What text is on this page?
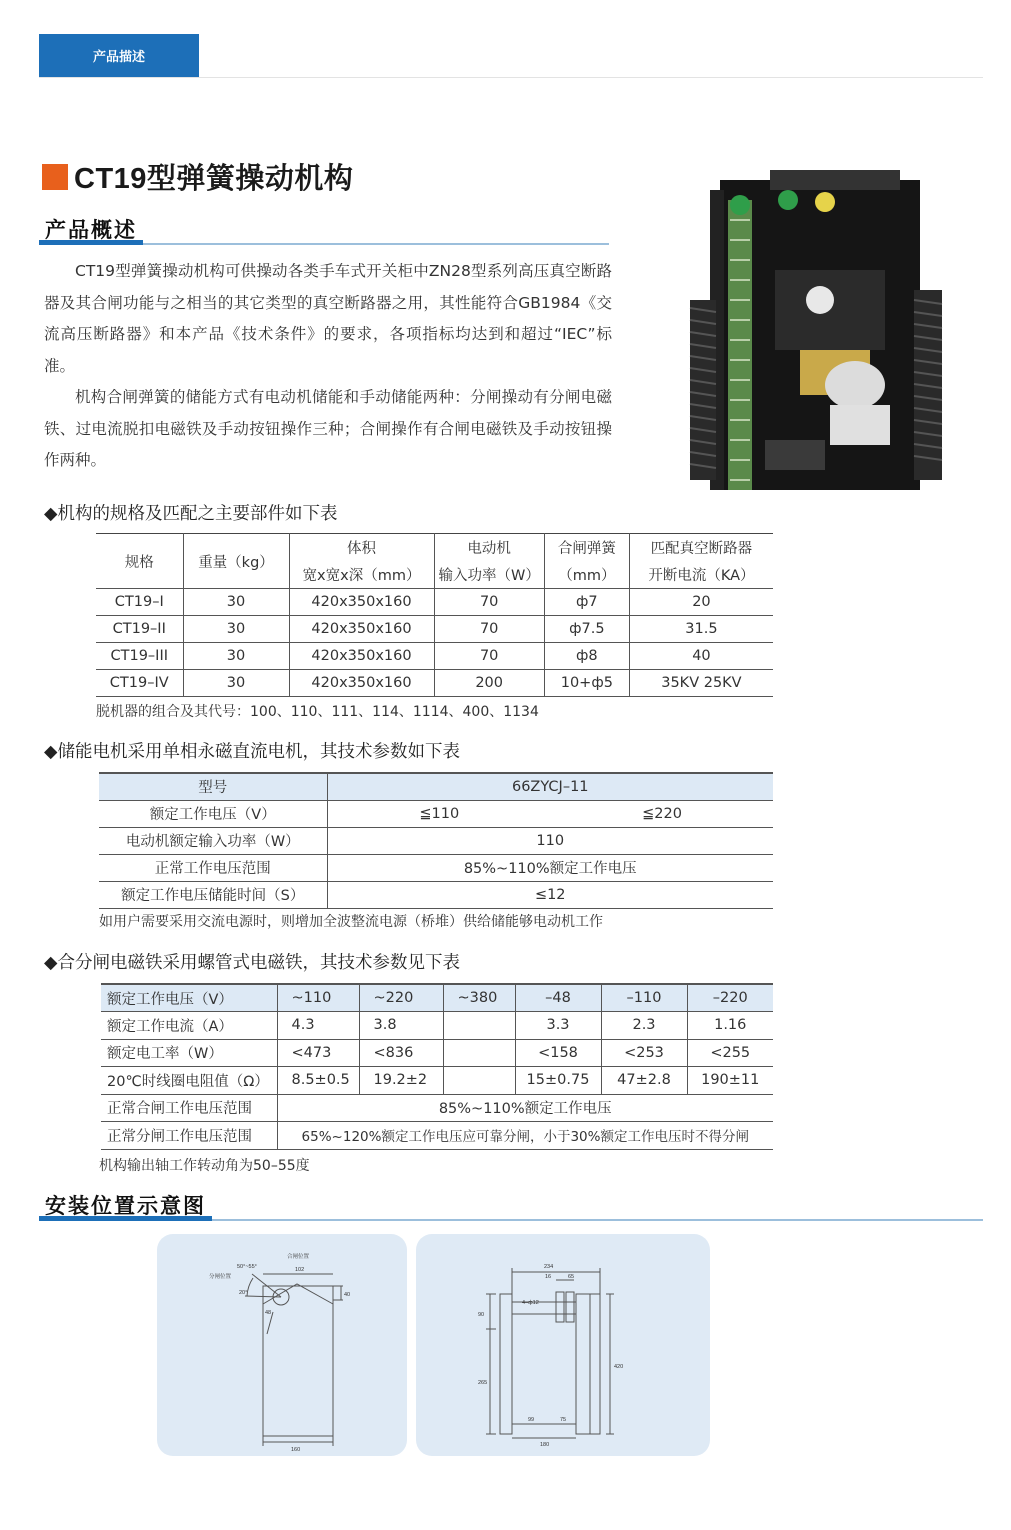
产品描述
CT19型弹簧操动机构
产品概述

CT19型弹簧操动机构可供操动各类手车式开关柜中ZN28型系列高压真空断路器及其合闸功能与之相当的其它类型的真空断路器之用，其性能符合GB1984《交流高压断路器》和本产品《技术条件》的要求，各项指标均达到和超过“IEC”标准。

机构合闸弹簧的储能方式有电动机储能和手动储能两种：分闸操动有分闸电磁铁、过电流脱扣电磁铁及手动按钮操作三种；合闸操作有合闸电磁铁及手动按钮操作两种。

◆机构的规格及匹配之主要部件如下表
规格	重量（kg）	体积	电动机	合闸弹簧	匹配真空断路器
		宽x宽x深（mm）	输入功率（W）	（mm）	开断电流（KA）
CT19–I	30	420x350x160	70	ф7	20
CT19–II	30	420x350x160	70	ф7.5	31.5
CT19–III	30	420x350x160	70	ф8	40
CT19–IV	30	420x350x160	200	10+ф5	35KV 25KV
脱机器的组合及其代号：100、110、111、114、1114、400、1134
◆储能电机采用单相永磁直流电机，其技术参数如下表
型号	66ZYCJ–11	
额定工作电压（V）	≦110	≦220
电动机额定输入功率（W）	110	
正常工作电压范围	85%~110%额定工作电压	
额定工作电压储能时间（S）	≤12	
如用户需要采用交流电源时，则增加全波整流电源（桥堆）供给储能够电动机工作
◆合分闸电磁铁采用螺管式电磁铁，其技术参数见下表
额定工作电压（V）	~110	~220	~380	–48	–110	–220
额定工作电流（A）	4.3	3.8		3.3	2.3	1.16
额定电工率（W）	<473	<836		<158	<253	<255
20℃时线圈电阻值（Ω）	8.5±0.5	19.2±2		15±0.75	47±2.8	190±11
正常合闸工作电压范围	85%~110%额定工作电压					
正常分闸工作电压范围	65%~120%额定工作电压应可靠分闸，小于30%额定工作电压时不得分闸					
机构输出轴工作转动角为50–55度
安装位置示意图
合闸位置
分闸位置
50°~55°
20°
102
48
160
40
234
16	65
4–ф12
90
265
420
99	75
180
